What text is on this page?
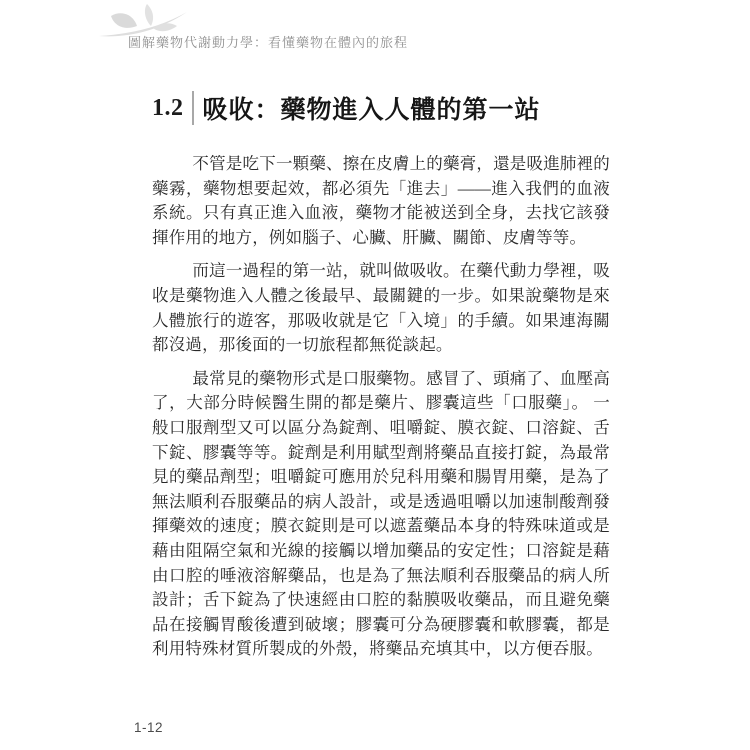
圖解藥物代謝動力學：看懂藥物在體內的旅程
1.2 吸收：藥物進入人體的第一站

不管是吃下一顆藥、擦在皮膚上的藥膏，還是吸進肺裡的藥霧，藥物想要起效，都必須先「進去」——進入我們的血液系統。只有真正進入血液，藥物才能被送到全身，去找它該發揮作用的地方，例如腦子、心臟、肝臟、關節、皮膚等等。

而這一過程的第一站，就叫做吸收。在藥代動力學裡，吸收是藥物進入人體之後最早、最關鍵的一步。如果說藥物是來人體旅行的遊客，那吸收就是它「入境」的手續。如果連海關都沒過，那後面的一切旅程都無從談起。

最常見的藥物形式是口服藥物。感冒了、頭痛了、血壓高了，大部分時候醫生開的都是藥片、膠囊這些「口服藥」。 一般口服劑型又可以區分為錠劑、咀嚼錠、膜衣錠、口溶錠、舌下錠、膠囊等等。錠劑是利用賦型劑將藥品直接打錠，為最常見的藥品劑型；咀嚼錠可應用於兒科用藥和腸胃用藥，是為了無法順利吞服藥品的病人設計，或是透過咀嚼以加速制酸劑發揮藥效的速度；膜衣錠則是可以遮蓋藥品本身的特殊味道或是藉由阻隔空氣和光線的接觸以增加藥品的安定性；口溶錠是藉由口腔的唾液溶解藥品，也是為了無法順利吞服藥品的病人所設計；舌下錠為了快速經由口腔的黏膜吸收藥品，而且避免藥品在接觸胃酸後遭到破壞；膠囊可分為硬膠囊和軟膠囊，都是利用特殊材質所製成的外殼，將藥品充填其中，以方便吞服。

1-12
